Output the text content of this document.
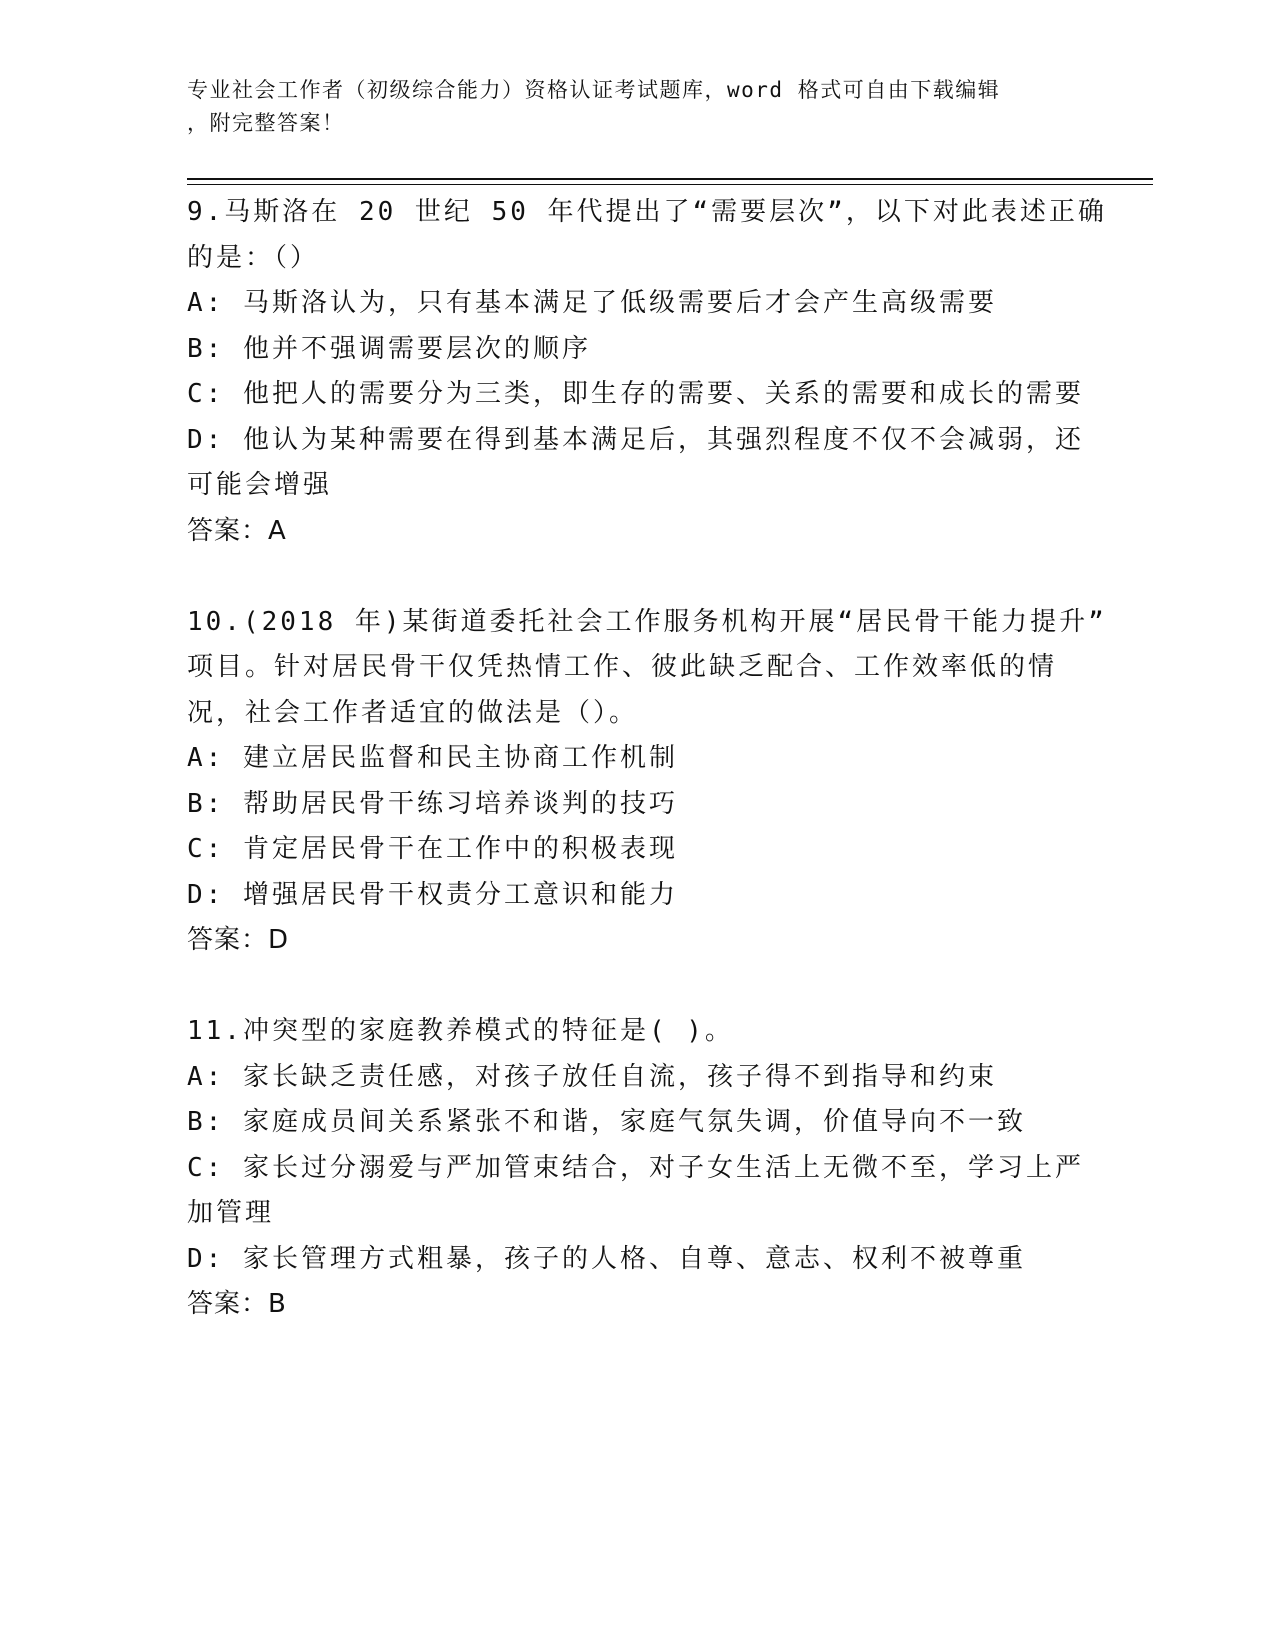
专业社会工作者（初级综合能力）资格认证考试题库，word 格式可自由下载编辑
，附完整答案！
9.马斯洛在 20 世纪 50 年代提出了“需要层次”，以下对此表述正确
的是：（）
A: 马斯洛认为，只有基本满足了低级需要后才会产生高级需要
B: 他并不强调需要层次的顺序
C: 他把人的需要分为三类，即生存的需要、关系的需要和成长的需要
D: 他认为某种需要在得到基本满足后，其强烈程度不仅不会减弱，还
可能会增强
答案：A
10.(2018 年)某街道委托社会工作服务机构开展“居民骨干能力提升”
项目。针对居民骨干仅凭热情工作、彼此缺乏配合、工作效率低的情
况，社会工作者适宜的做法是（）。
A: 建立居民监督和民主协商工作机制
B: 帮助居民骨干练习培养谈判的技巧
C: 肯定居民骨干在工作中的积极表现
D: 增强居民骨干权责分工意识和能力
答案：D
11.冲突型的家庭教养模式的特征是( )。
A: 家长缺乏责任感，对孩子放任自流，孩子得不到指导和约束
B: 家庭成员间关系紧张不和谐，家庭气氛失调，价值导向不一致
C: 家长过分溺爱与严加管束结合，对子女生活上无微不至，学习上严
加管理
D: 家长管理方式粗暴，孩子的人格、自尊、意志、权利不被尊重
答案：B
